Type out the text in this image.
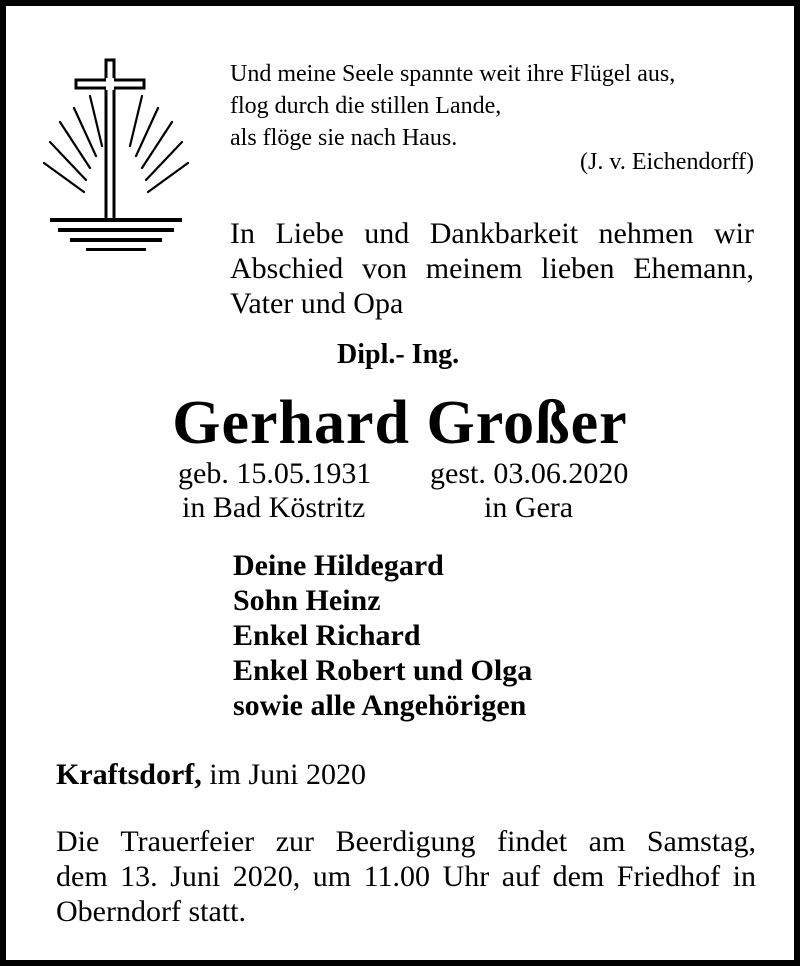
Und meine Seele spannte weit ihre Flügel aus,
flog durch die stillen Lande,
als flöge sie nach Haus.
(J. v. Eichendorff)
In Liebe und Dankbarkeit nehmen wir
Abschied von meinem lieben Ehemann,
Vater und Opa
Dipl.- Ing.
Gerhard Großer
geb. 15.05.1931
in Bad Köstritz
gest. 03.06.2020
in Gera
Deine Hildegard
Sohn Heinz
Enkel Richard
Enkel Robert und Olga
sowie alle Angehörigen
Kraftsdorf, im Juni 2020
Die Trauerfeier zur Beerdigung findet am Samstag,
dem 13. Juni 2020, um 11.00 Uhr auf dem Friedhof in
Oberndorf statt.
